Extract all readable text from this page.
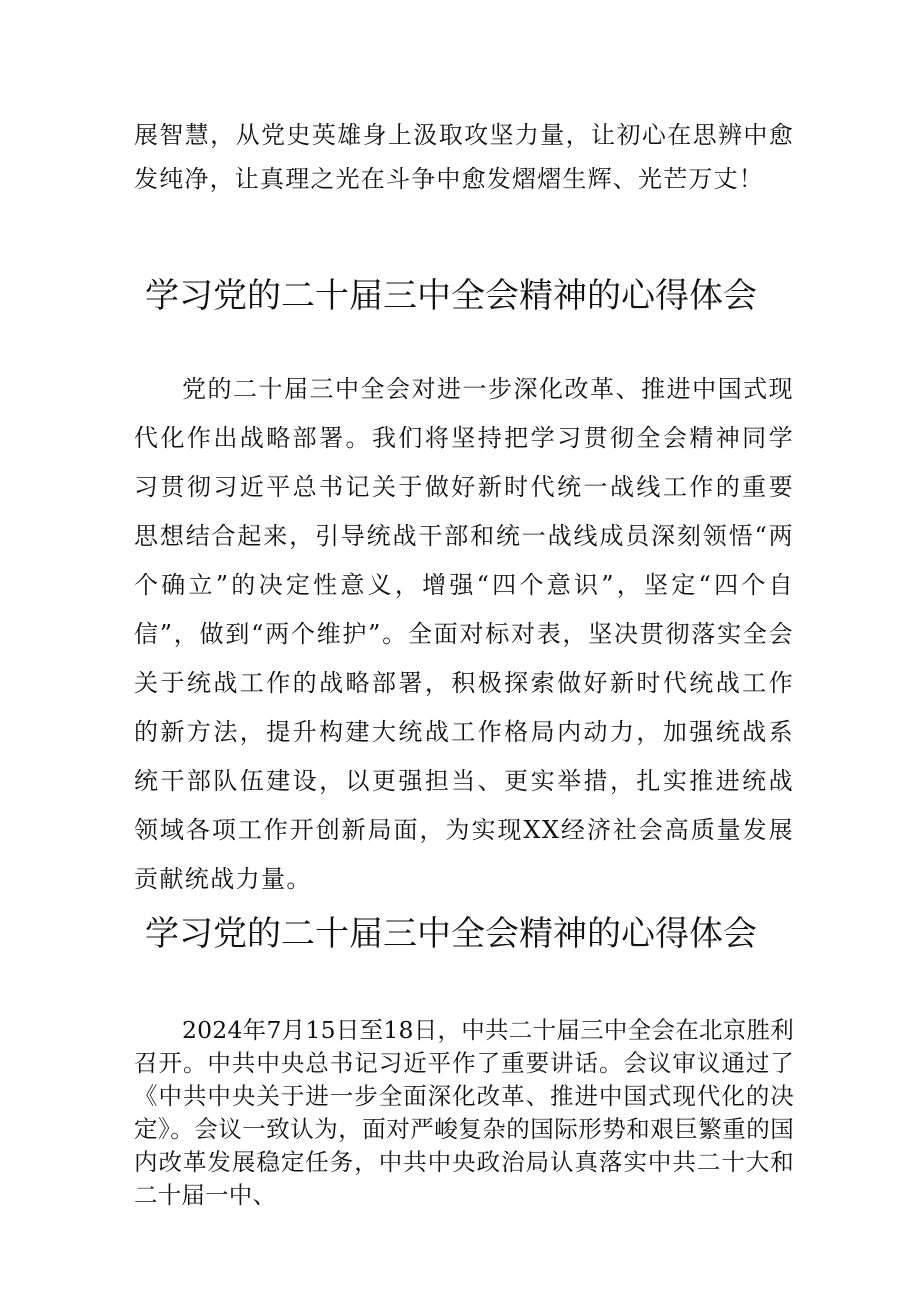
展智慧，从党史英雄身上汲取攻坚力量，让初心在思辨中愈发纯净，让真理之光在斗争中愈发熠熠生辉、光芒万丈！

学习党的二十届三中全会精神的心得体会

党的二十届三中全会对进一步深化改革、推进中国式现代化作出战略部署。我们将坚持把学习贯彻全会精神同学习贯彻习近平总书记关于做好新时代统一战线工作的重要思想结合起来，引导统战干部和统一战线成员深刻领悟“两个确立”的决定性意义，增强“四个意识”，坚定“四个自信”，做到“两个维护”。全面对标对表，坚决贯彻落实全会关于统战工作的战略部署，积极探索做好新时代统战工作的新方法，提升构建大统战工作格局内动力，加强统战系统干部队伍建设，以更强担当、更实举措，扎实推进统战领域各项工作开创新局面，为实现XX经济社会高质量发展贡献统战力量。

学习党的二十届三中全会精神的心得体会

2024年7月15日至18日，中共二十届三中全会在北京胜利召开。中共中央总书记习近平作了重要讲话。会议审议通过了《中共中央关于进一步全面深化改革、推进中国式现代化的决定》。会议一致认为，面对严峻复杂的国际形势和艰巨繁重的国内改革发展稳定任务，中共中央政治局认真落实中共二十大和二十届一中、
